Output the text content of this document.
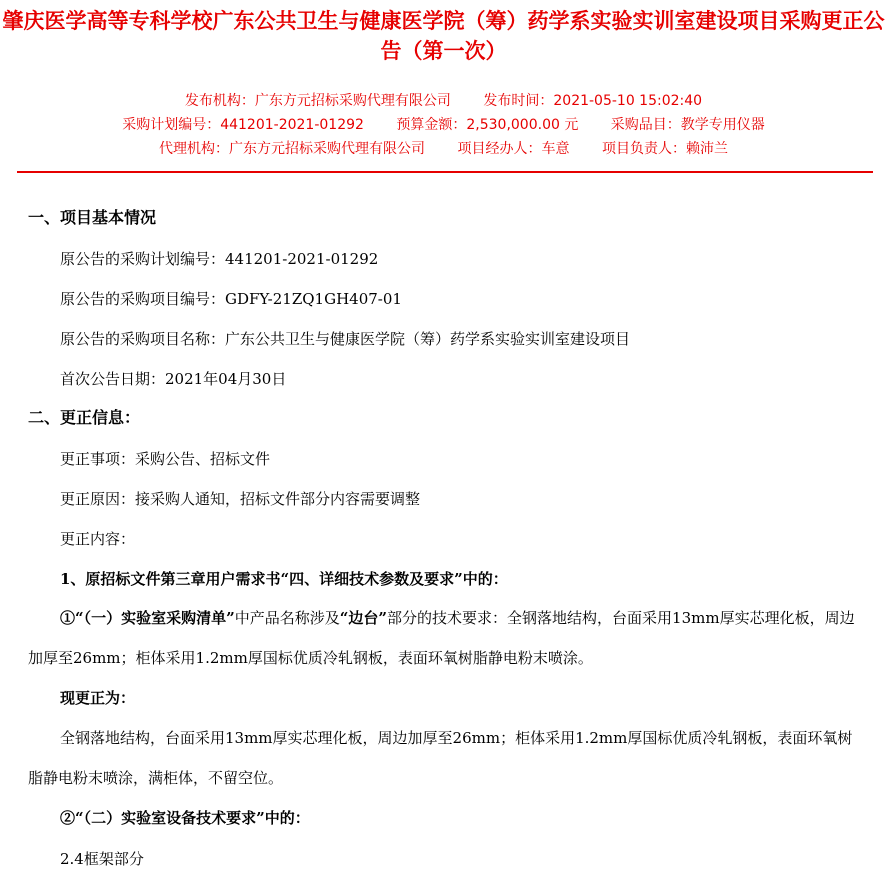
肇庆医学高等专科学校广东公共卫生与健康医学院（筹）药学系实验实训室建设项目采购更正公告（第一次）
发布机构：广东方元招标采购代理有限公司 发布时间：2021-05-10 15:02:40
采购计划编号：441201-2021-01292 预算金额：2,530,000.00 元 采购品目：教学专用仪器
代理机构：广东方元招标采购代理有限公司 项目经办人：车意 项目负责人：赖沛兰
一、项目基本情况
原公告的采购计划编号：441201-2021-01292
原公告的采购项目编号：GDFY-21ZQ1GH407-01
原公告的采购项目名称：广东公共卫生与健康医学院（筹）药学系实验实训室建设项目
首次公告日期：2021年04月30日
二、更正信息：
更正事项：采购公告、招标文件
更正原因：接采购人通知，招标文件部分内容需要调整
更正内容：
1、原招标文件第三章用户需求书“四、详细技术参数及要求”中的：
①“（一）实验室采购清单”中产品名称涉及“边台”部分的技术要求：全钢落地结构，台面采用13mm厚实芯理化板，周边加厚至26mm；柜体采用1.2mm厚国标优质冷轧钢板，表面环氧树脂静电粉末喷涂。
现更正为：
全钢落地结构，台面采用13mm厚实芯理化板，周边加厚至26mm；柜体采用1.2mm厚国标优质冷轧钢板，表面环氧树脂静电粉末喷涂，满柜体，不留空位。
②“（二）实验室设备技术要求”中的：
2.4框架部分
